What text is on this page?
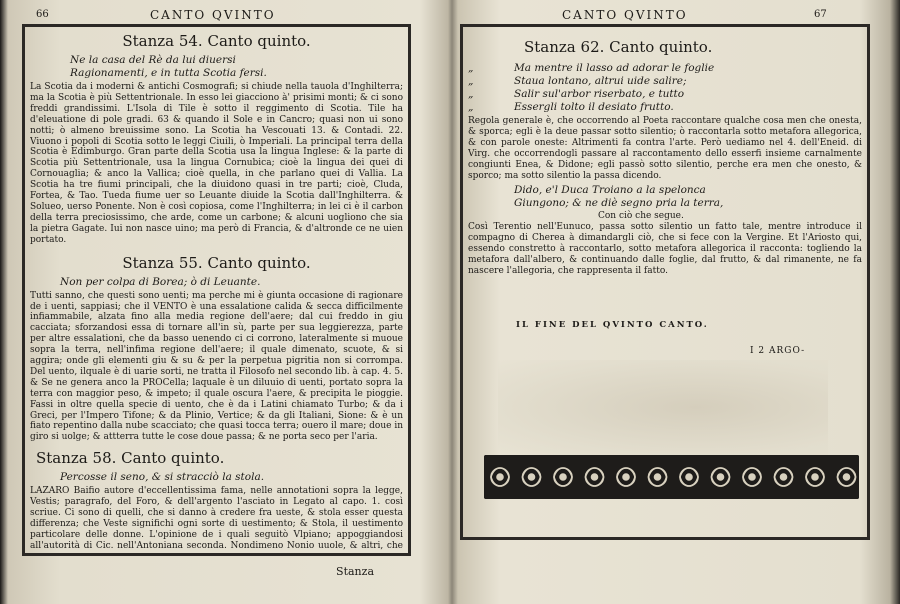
66	CANTO QVINTO
Stanza 54. Canto quinto.
Ne la casa del Rè da lui diuersi
Ragionamenti, e in tutta Scotia fersi.

La Scotia da i moderni & antichi Cosmografi; si chiude nella tauola d'Inghilterra; ma la Scotia è più Settentrionale. In esso lei giacciono à' prisimi monti; & ci sono freddi grandissimi. L'Isola di Tile è sotto il reggimento di Scotia. Tile ha d'eleuatione di pole gradi. 63 & quando il Sole e in Cancro; quasi non ui sono notti; ò almeno breuissime sono. La Scotia ha Vescouati 13. & Contadi. 22. Viuono i popoli di Scotia sotto le leggi Ciuili, ò Imperiali. La principal terra della Scotia è Edimburgo. Gran parte della Scotia usa la lingua Inglese: & la parte di Scotia più Settentrionale, usa la lingua Cornubica; cioè la lingua dei quei di Cornouaglia; & anco la Vallica; cioè quella, in che parlano quei di Vallia. La Scotia ha tre fiumi principali, che la diuidono quasi in tre parti; cioè, Cluda, Fortea, & Tao. Tueda fiume uer so Leuante diuide la Scotia dall'Inghilterra. & Solueo, uerso Ponente. Non è così copiosa, come l'Inghilterra; in lei ci è il carbon della terra preciosissimo, che arde, come un carbone; & alcuni uogliono che sia la pietra Gagate. Iui non nasce uino; ma però di Francia, & d'altronde ce ne uien portato.

Stanza 55. Canto quinto.
Non per colpa di Borea; ò di Leuante.

Tutti sanno, che questi sono uenti; ma perche mi è giunta occasione di ragionare de i uenti, sappiasi; che il VENTO è una essalatione calida & secca difficilmente infiammabile, alzata fino alla media regione dell'aere; dal cui freddo in giu cacciata; sforzandosi essa di tornare all'in sù, parte per sua leggierezza, parte per altre essalationi, che da basso uenendo ci ci corrono, lateralmente si muoue sopra la terra, nell'infima regione dell'aere; il quale dimenato, scuote, & si aggira; onde gli elementi giu & su & per la perpetua pigritia non si corrompa. Del uento, ilquale è di uarie sorti, ne tratta il Filosofo nel secondo lib. à cap. 4. 5. & Se ne genera anco la PROCella; laquale è un diluuio di uenti, portato sopra la terra con maggior peso, & impeto; il quale oscura l'aere, & precipita le pioggie. Fassi in oltre quella specie di uento, che è da i Latini chiamato Turbo; & da i Greci, per l'Impero Tifone; & da Plinio, Vertice; & da gli Italiani, Sione: & è un fiato repentino dalla nube scacciato; che quasi tocca terra; ouero il mare; doue in giro si uolge; & attterra tutte le cose doue passa; & ne porta seco per l'aria.

Stanza 58. Canto quinto.
Percosse il seno, & si stracciò la stola.

LAZARO Baifio autore d'eccellentissima fama, nelle annotationi sopra la legge, Vestis; paragrafo, del Foro, & dell'argento l'asciato in Legato al capo. 1. così scriue. Ci sono di quelli, che si danno à credere fra ueste, & stola esser questa differenza; che Veste significhi ogni sorte di uestimento; & Stola, il uestimento particolare delle donne. L'opinione de i quali seguitò Vlpiano; appoggiandosi all'autorità di Cic. nell'Antoniana seconda. Nondimeno Nonio uuole, & altri, che

Stanza
CANTO QVINTO	67
Stanza 62. Canto quinto.
„	Ma mentre il lasso ad adorar le foglie
„	Staua lontano, altrui uide salire;
„	Salir sul'arbor riserbato, e tutto
„	Essergli tolto il desiato frutto.

Regola generale è, che occorrendo al Poeta raccontare qualche cosa men che onesta, & sporca; egli è la deue passar sotto silentio; ò raccontarla sotto metafora allegorica, & con parole oneste: Altrimenti fa contra l'arte. Però uediamo nel 4. dell'Eneid. di Virg. che occorrendogli passare al raccontamento dello esserfi insieme carnalmente congiunti Enea, & Didone; egli passò sotto silentio, perche era men che onesto, & sporco; ma sotto silentio la passa dicendo.

Dido, e'l Duca Troiano a la spelonca
Giungono; & ne diè segno pria la terra,
Con ciò che segue.

Così Terentio nell'Eunuco, passa sotto silentio un fatto tale, mentre introduce il compagno di Cherea à dimandargli ciò, che si fece con la Vergine. Et l'Ariosto qui, essendo constretto à raccontarlo, sotto metafora allegorica il racconta: togliendo la metafora dall'albero, & continuando dalle foglie, dal frutto, & dal rimanente, ne fa nascere l'allegoria, che rappresenta il fatto.

IL FINE DEL QVINTO CANTO.
I 2 ARGO-
